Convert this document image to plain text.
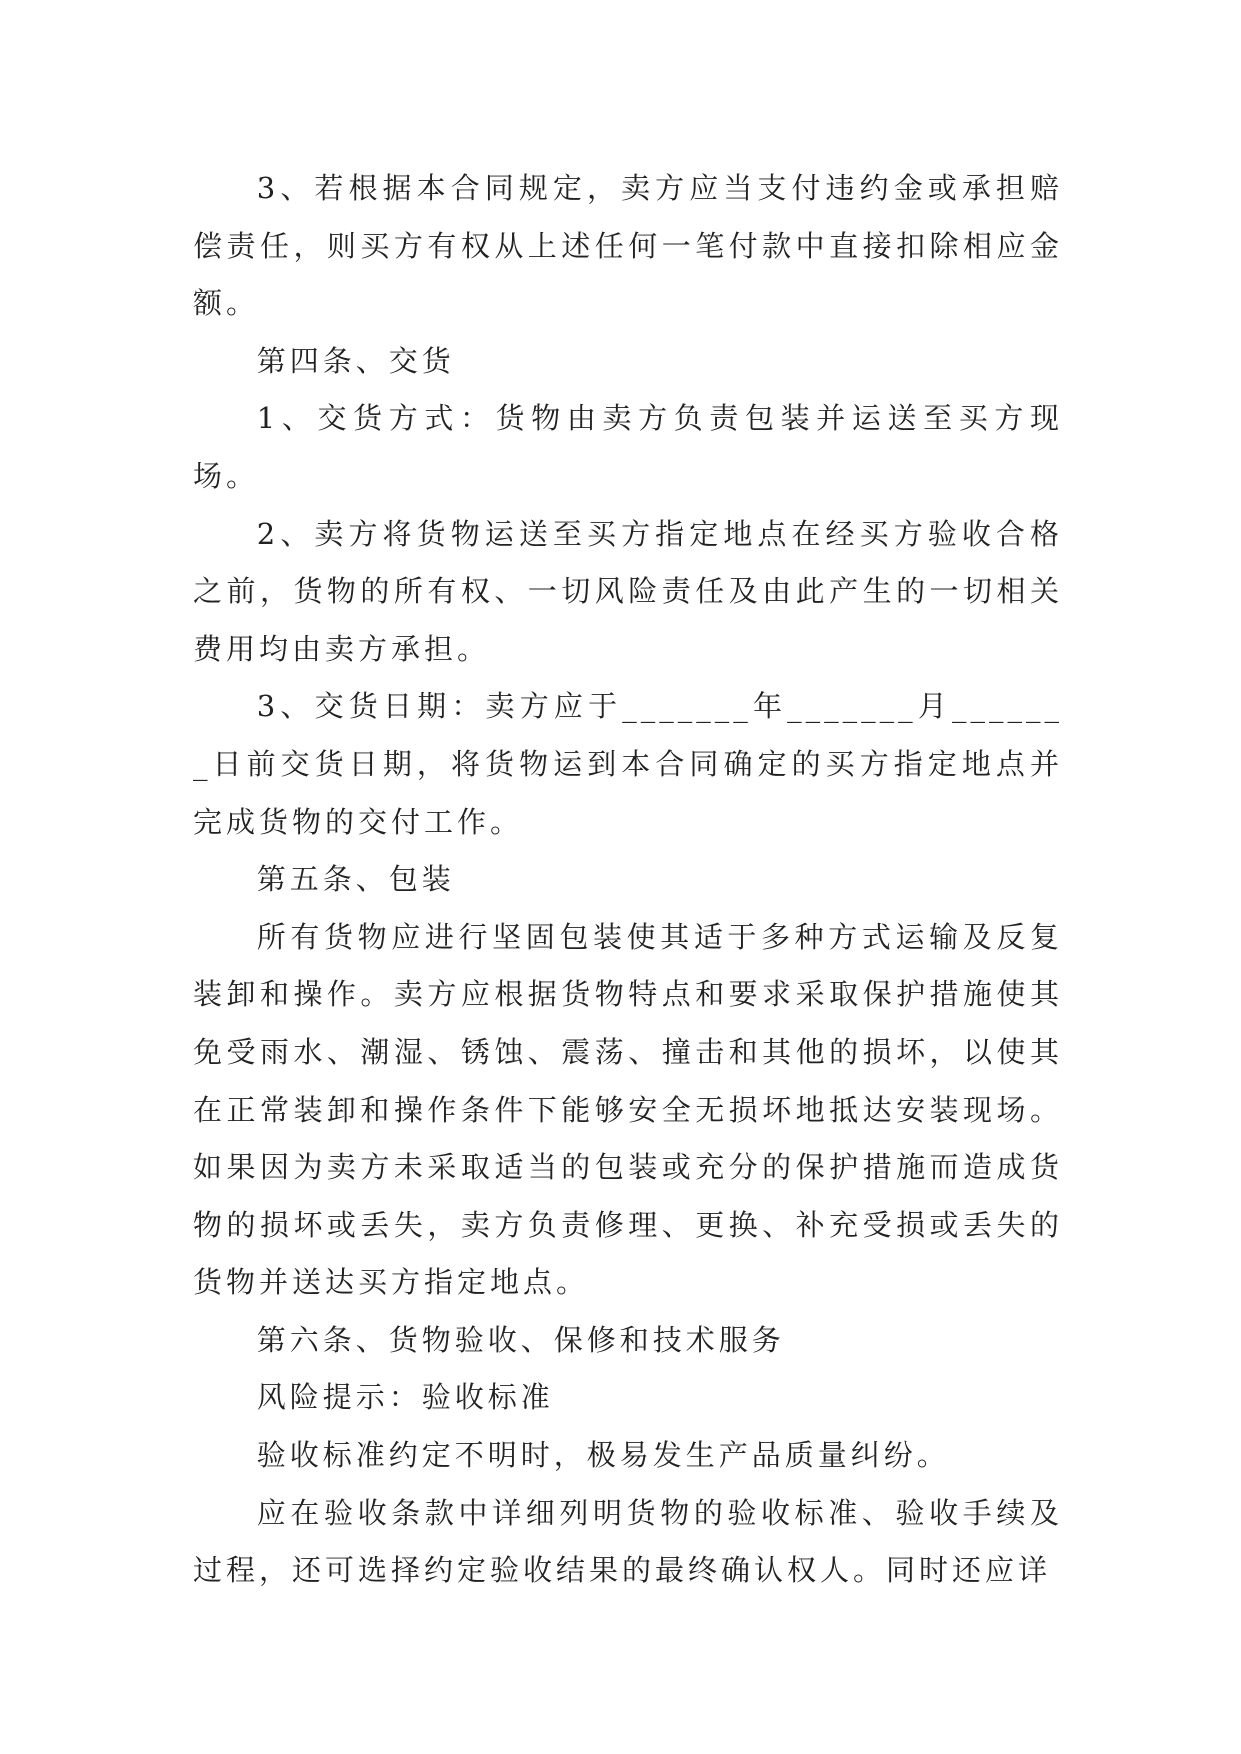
3、若根据本合同规定，卖方应当支付违约金或承担赔偿责任，则买方有权从上述任何一笔付款中直接扣除相应金额。

第四条、交货

1、交货方式：货物由卖方负责包装并运送至买方现场。

2、卖方将货物运送至买方指定地点在经买方验收合格之前，货物的所有权、一切风险责任及由此产生的一切相关费用均由卖方承担。

3、交货日期：卖方应于_______年_______月_______日前交货日期，将货物运到本合同确定的买方指定地点并完成货物的交付工作。

第五条、包装

所有货物应进行坚固包装使其适于多种方式运输及反复装卸和操作。卖方应根据货物特点和要求采取保护措施使其免受雨水、潮湿、锈蚀、震荡、撞击和其他的损坏，以使其在正常装卸和操作条件下能够安全无损坏地抵达安装现场。如果因为卖方未采取适当的包装或充分的保护措施而造成货物的损坏或丢失，卖方负责修理、更换、补充受损或丢失的货物并送达买方指定地点。

第六条、货物验收、保修和技术服务

风险提示：验收标准

验收标准约定不明时，极易发生产品质量纠纷。

应在验收条款中详细列明货物的验收标准、验收手续及过程，还可选择约定验收结果的最终确认权人。同时还应详
